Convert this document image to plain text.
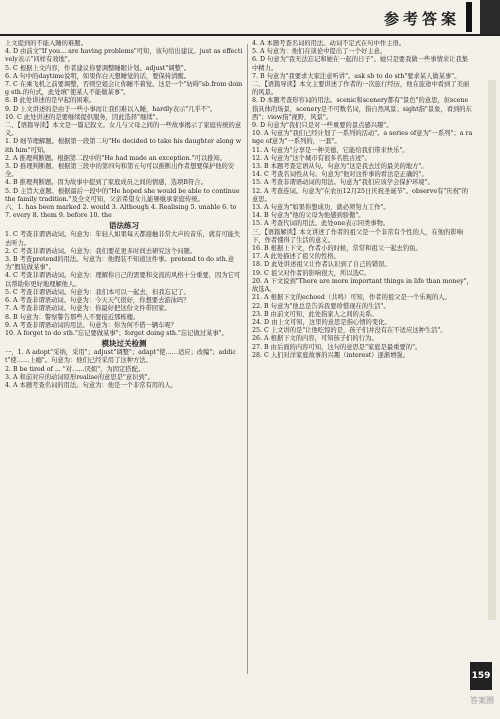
参考答案

上文提到的不能入睡的难题。

4. D 由前文"If you... are having problems"可知，该句给出建议。just as effectively表示"同样有效地"。

5. C 根据上文内容，作者建议你要调整睡眠计划。adjust"调整"。

6. A 句中的daytime说明，如果你白天想睡觉的话，要保持清醒。

7. C 在乘飞机之前要调整，否则空姐会让你睡不着觉。这是一个"妨碍"sb.from doing sth.的句式，此处填"使某人不能做某事"。

8. B 此处讲述的是早起的困难。

9. D 上文讲述的是由于一些小事而让我们难以入睡，hardly表示"几乎不"。

10. C 此处讲述的是要继续提供服务，因此选择"继续"。

二、【语篇导读】本文是一篇记叙文。女儿与父母之间的一些故事揭示了家庭传统的意义。

1. D 细节理解题。根据第一段第二句"He decided to take his daughter along with him"可知。

2. A 推理判断题。根据第二段中的"He had made an exception."可以推知。

3. D 推理判断题。根据第三段中的第四句和第五句可以推断出作者想要保护他的安全。

4. B 推理判断题。因为故事中提到了家庭成员之间的情感，选项B符合。

5. D 主旨大意题。根据最后一段中的"He hoped she would be able to continue the family tradition."及全文可知，父亲希望女儿能够继承家庭传统。

六、1. has been marked 2. would 3. Although 4. Realising 5. unable 6. to 7. every 8. them 9. before 10. the

语法练习

1. C 考查非谓语动词。句意为：年轻人如果每天都接触非常大声的音乐，就有可能失去听力。

2. C 考查非谓语动词。句意为：我们要花更多时间去研究这个问题。

3. B 考查pretend的用法。句意为：他假装不知道这件事。pretend to do sth.意为"假装做某事"。

4. C 考查非谓语动词。句意为：理解你自己的需要和交流的风格十分重要，因为它可以帮助你更好地理解他人。

5. C 考查非谓语动词。句意为：我们本可以一起去，但我忘记了。

6. A 考查非谓语动词。句意为：今天天气很好，你想要去游泳吗？

7. A 考查非谓语动词。句意为：你最好把这份文件带回家。

8. B 句意为：警察警告那些人不要接近那栋楼。

9. A 考查非谓语动词的用法。句意为：你为何不借一辆车呢？

10. A forget to do sth."忘记要做某事"；forget doing sth."忘记做过某事"。

模块过关检测

一、1. A adopt"采纳，采用"；adjust"调整"；adapt"使……适应；改编"；addict"使……上瘾"。句意为：他们已经采用了这种方法。

2. B be tired of ... "对……厌烦"，为固定搭配。

3. A 和前对应的动词原形realise的意思是"意识到"。

4. A 本题考查名词的用法。句意为：他是一个非常有用的人。

4. A 本题考查名词的用法。动词不定式在句中作主语。

5. A 句意为：他们在谈论中提出了一个好主意。

6. D 句意为"我无法忘记和她在一起的日子"。她只是要我做一些事情来让我集中精力。

7. B 句意为"我要求大家注意听讲"。ask sb to do sth"要求某人做某事"。

二、【语篇导读】本文主要讲述了作者的一次旅行经历，他在旅途中看到了美丽的风景。

8. D 本题考查形容词的用法。scenic和scenery都有"景色"的意思，但scene指具体的场景，scenery是不可数名词，指自然风景；sight指"景象，看到的东西"；view指"视野，风景"。

9. D 句意为"我们只是对一些重要的景点感兴趣"。

10. A 句意为"我们已经计划了一系列的活动"。a series of意为"一系列"；a range of意为"一系列的，一套"。

11. A 句意为"分享是一种美德，它能给我们带来快乐"。

12. A 句意为"这个城市有很多名胜古迹"。

13. B 本题考查定语从句。句意为"这是我去过的最美的地方"。

14. C 考查名词性从句。句意为"他对这件事的看法是正确的"。

15. A 考查非谓语动词的用法。句意为"我们应该学会保护环境"。

12. A 考查连词。句意为"在农历12月25日庆祝圣诞节"。observe有"庆祝"的意思。

13. A 句意为"如果你想成功，就必须努力工作"。

14. B 句意为"他的父母为他感到骄傲"。

15. A 考查代词的用法。此处one表示同类事物。

三、【语篇解读】本文讲述了作者的祖父是一个非常有个性的人，在他的影响下，作者懂得了生活的意义。

16. B 根据上下文，作者小的时候，常常和祖父一起去钓鱼。

17. A 此处描述了祖父的性格。

18. D 此处讲述祖父让作者认识到了自己的错误。

19. C 祖父对作者的影响很大，所以选C。

20. A 下文说到"There are more important things in life than money"，故选A。

21. A 根据下文的echoed（共鸣）可知，作者的祖父是一个乐观的人。

22. B 句意为"他总是告诉我要珍惜现在的生活"。

23. B 由前文可知，此处指家人之间的关系。

24. D 由上文可知，这里的意思是指心情的变化。

25. C 上文讲的是"让他吃惊的是，孩子们并没有在不适应这种生活"。

26. A 根据下文的内容，可知孩子们的行为。

27. B 由后面的内容可知，这句的意思是"家庭是最重要的"。

28. C 人们对洋家庭故事的兴趣（interest）逐渐增强。

159
答案圈
